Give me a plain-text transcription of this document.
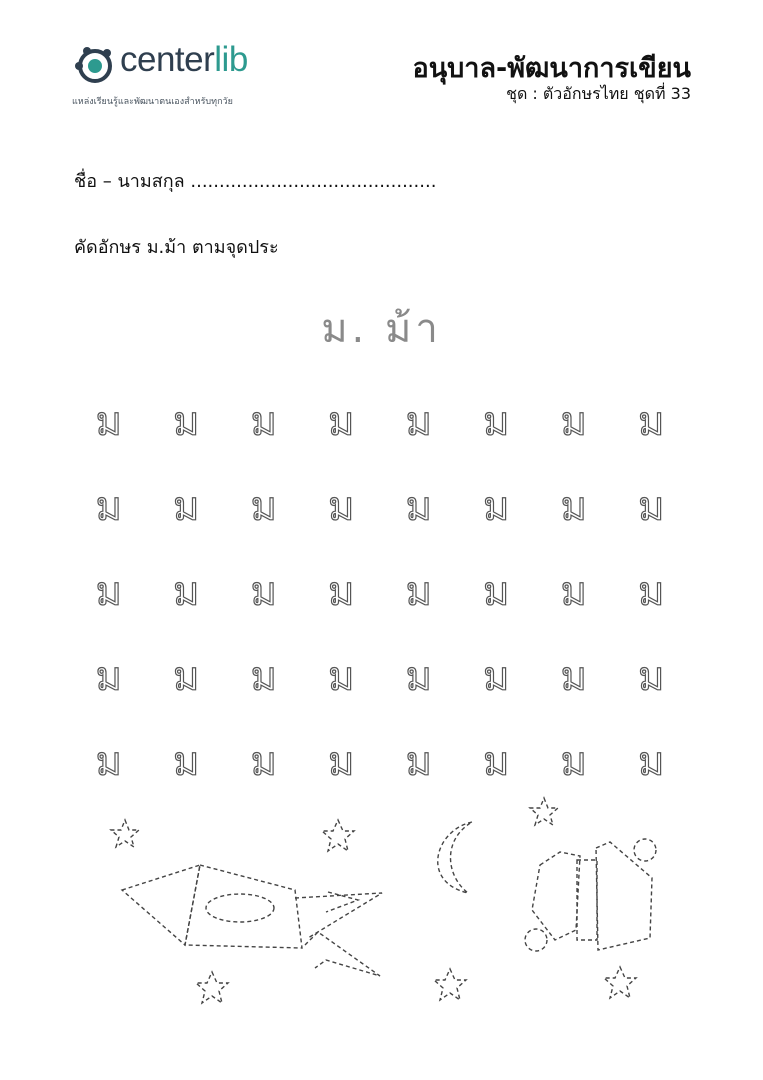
centerlib
แหล่งเรียนรู้และพัฒนาตนเองสำหรับทุกวัย
อนุบาล-พัฒนาการเขียน
ชุด : ตัวอักษรไทย ชุดที่ 33
ชื่อ – นามสกุล ...........................................
คัดอักษร ม.ม้า ตามจุดประ
ม. ม้า
ม	ม	ม	ม	ม	ม	ม	ม
ม	ม	ม	ม	ม	ม	ม	ม
ม	ม	ม	ม	ม	ม	ม	ม
ม	ม	ม	ม	ม	ม	ม	ม
ม	ม	ม	ม	ม	ม	ม	ม
